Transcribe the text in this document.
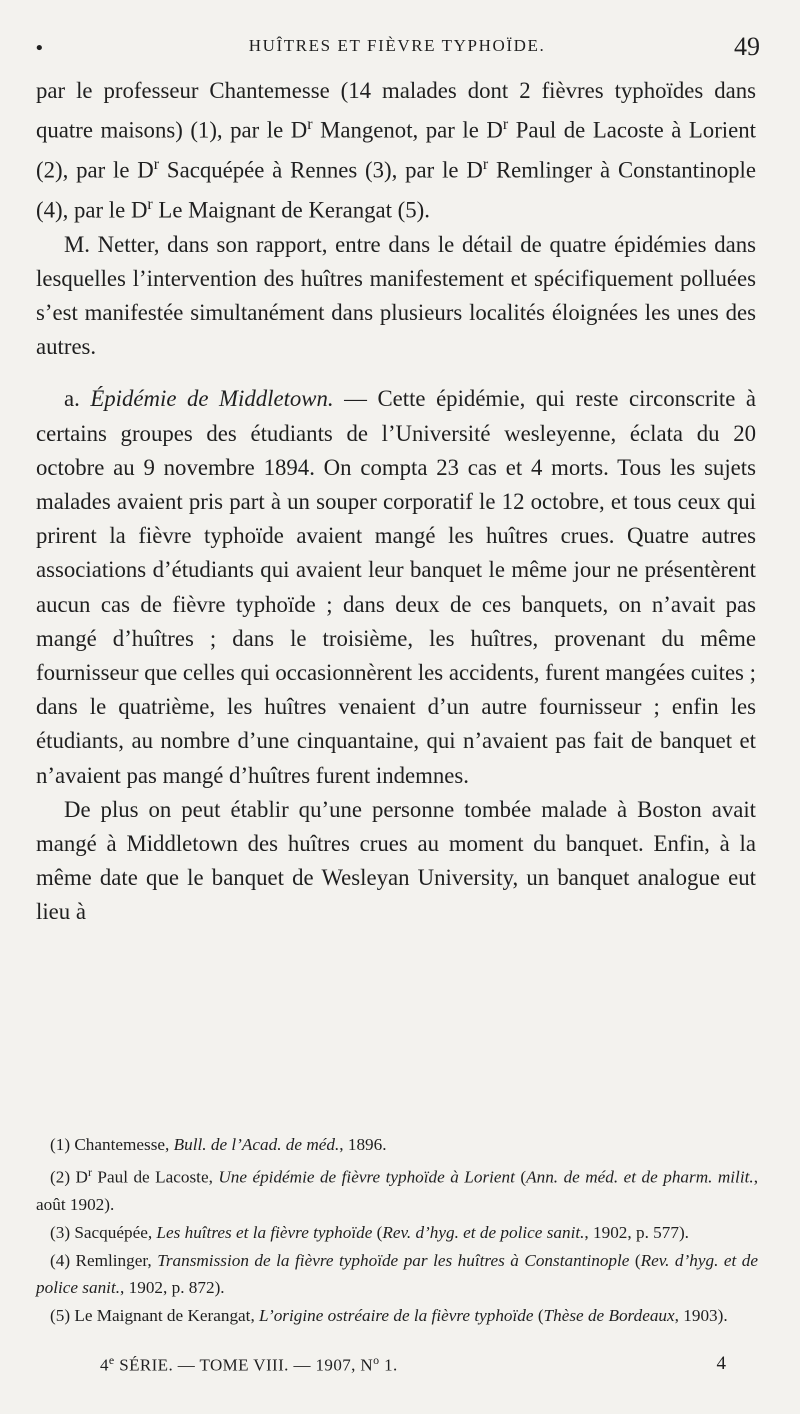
•	HUÎTRES ET FIÈVRE TYPHOÏDE.	49

par le professeur Chantemesse (14 malades dont 2 fièvres typhoïdes dans quatre maisons) (1), par le $D^r$ Mangenot, par le $D^r$ Paul de Lacoste à Lorient (2), par le $D^r$ Sacquépée à Rennes (3), par le $D^r$ Remlinger à Constantinople (4), par le $D^r$ Le Maignant de Kerangat (5).

M. Netter, dans son rapport, entre dans le détail de quatre épidémies dans lesquelles l’intervention des huîtres manifestement et spécifiquement polluées s’est manifestée simultanément dans plusieurs localités éloignées les unes des autres.

a. Épidémie de Middletown. — Cette épidémie, qui reste circonscrite à certains groupes des étudiants de l’Université wesleyenne, éclata du 20 octobre au 9 novembre 1894. On compta 23 cas et 4 morts. Tous les sujets malades avaient pris part à un souper corporatif le 12 octobre, et tous ceux qui prirent la fièvre typhoïde avaient mangé les huîtres crues. Quatre autres associations d’étudiants qui avaient leur banquet le même jour ne présentèrent aucun cas de fièvre typhoïde ; dans deux de ces banquets, on n’avait pas mangé d’huîtres ; dans le troisième, les huîtres, provenant du même fournisseur que celles qui occasionnèrent les accidents, furent mangées cuites ; dans le quatrième, les huîtres venaient d’un autre fournisseur ; enfin les étudiants, au nombre d’une cinquantaine, qui n’avaient pas fait de banquet et n’avaient pas mangé d’huîtres furent indemnes.

De plus on peut établir qu’une personne tombée malade à Boston avait mangé à Middletown des huîtres crues au moment du banquet. Enfin, à la même date que le banquet de Wesleyan University, un banquet analogue eut lieu à

(1) Chantemesse, Bull. de l’Acad. de méd., 1896.

(2) $D^r$ Paul de Lacoste, Une épidémie de fièvre typhoïde à Lorient (Ann. de méd. et de pharm. milit., août 1902).

(3) Sacquépée, Les huîtres et la fièvre typhoïde (Rev. d’hyg. et de police sanit., 1902, p. 577).

(4) Remlinger, Transmission de la fièvre typhoïde par les huîtres à Constantinople (Rev. d’hyg. et de police sanit., 1902, p. 872).

(5) Le Maignant de Kerangat, L’origine ostréaire de la fièvre typhoïde (Thèse de Bordeaux, 1903).

4e SÉRIE. — TOME VIII. — 1907, $N^o$ 1.	4
